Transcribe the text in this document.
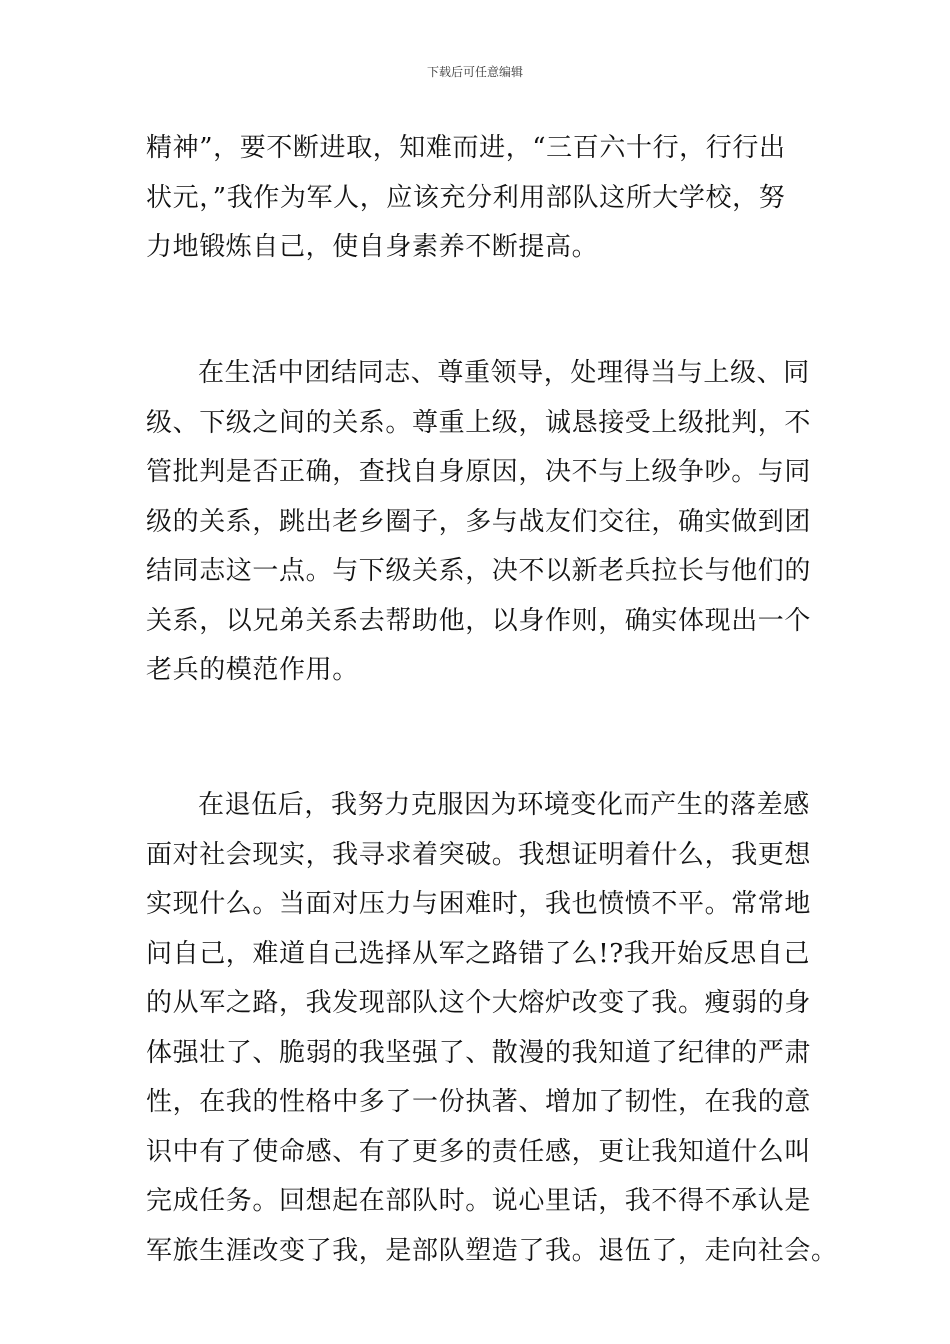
下载后可任意编辑
精神”，要不断进取，知难而进，“三百六十行，行行出
状元，”我作为军人，应该充分利用部队这所大学校，努
力地锻炼自己，使自身素养不断提高。
在生活中团结同志、尊重领导，处理得当与上级、同
级、下级之间的关系。尊重上级，诚恳接受上级批判，不
管批判是否正确，查找自身原因，决不与上级争吵。与同
级的关系，跳出老乡圈子，多与战友们交往，确实做到团
结同志这一点。与下级关系，决不以新老兵拉长与他们的
关系，以兄弟关系去帮助他，以身作则，确实体现出一个
老兵的模范作用。
在退伍后，我努力克服因为环境变化而产生的落差感
面对社会现实，我寻求着突破。我想证明着什么，我更想
实现什么。当面对压力与困难时，我也愤愤不平。常常地
问自己，难道自己选择从军之路错了么!?我开始反思自己
的从军之路，我发现部队这个大熔炉改变了我。瘦弱的身
体强壮了、脆弱的我坚强了、散漫的我知道了纪律的严肃
性，在我的性格中多了一份执著、增加了韧性，在我的意
识中有了使命感、有了更多的责任感，更让我知道什么叫
完成任务。回想起在部队时。说心里话，我不得不承认是
军旅生涯改变了我，是部队塑造了我。退伍了，走向社会。
